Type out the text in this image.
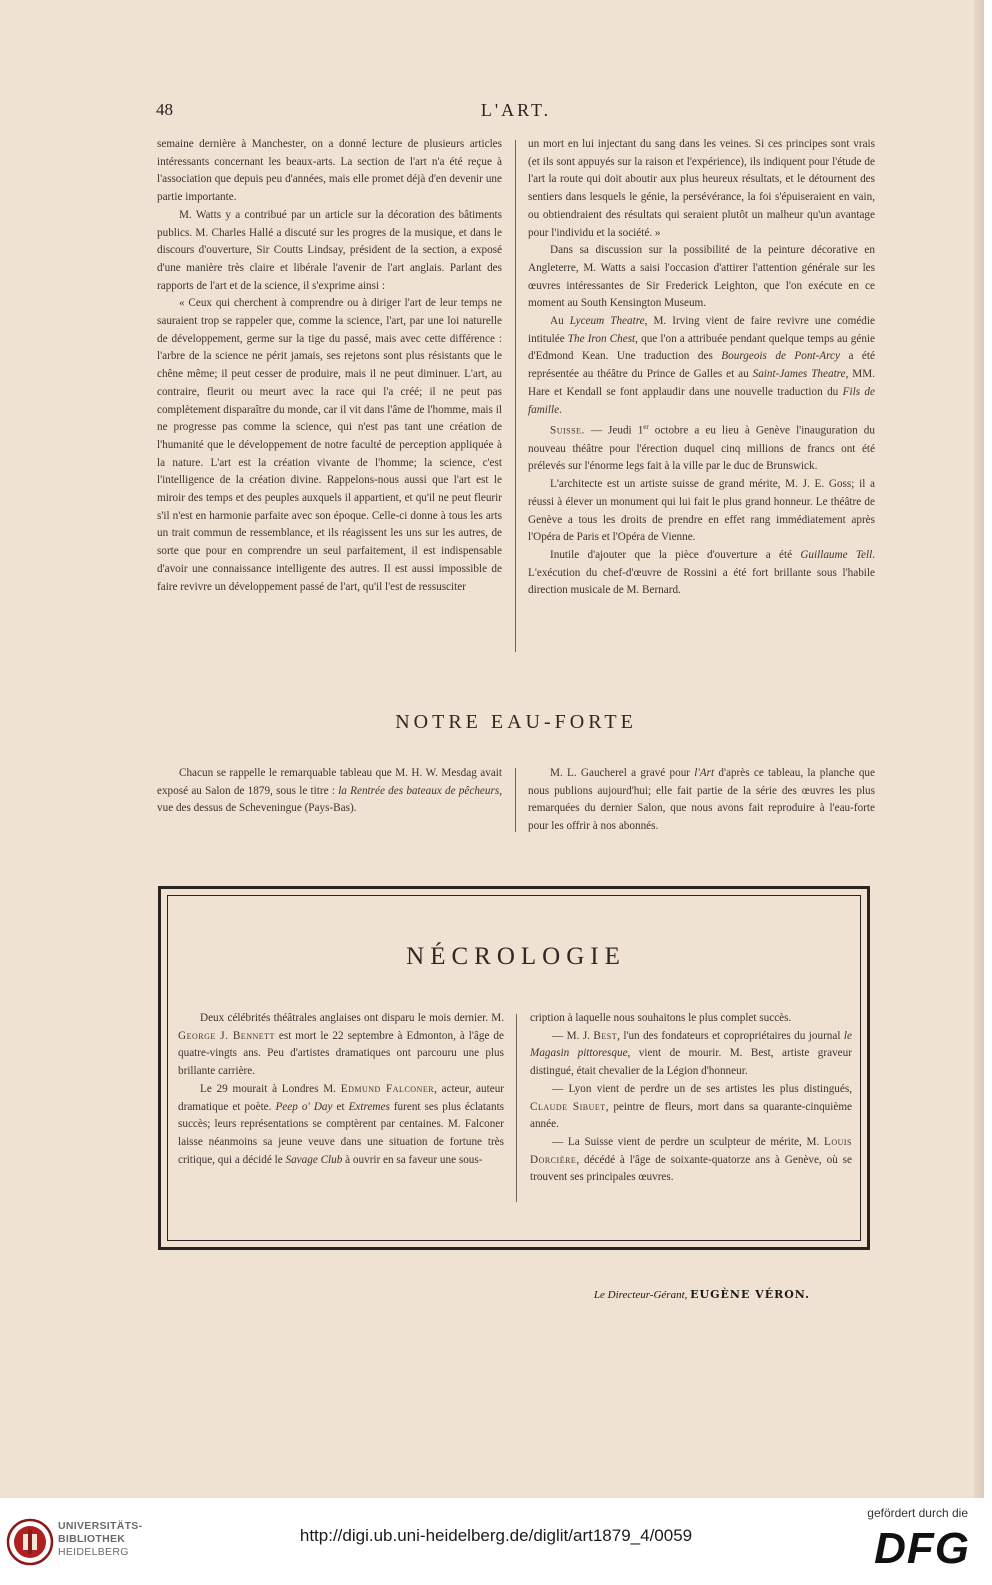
48	L'ART.

semaine dernière à Manchester, on a donné lecture de plusieurs articles intéressants concernant les beaux-arts. La section de l'art n'a été reçue à l'association que depuis peu d'années, mais elle promet déjà d'en devenir une partie importante.

M. Watts y a contribué par un article sur la décoration des bâtiments publics. M. Charles Hallé a discuté sur les progres de la musique, et dans le discours d'ouverture, Sir Coutts Lindsay, président de la section, a exposé d'une manière très claire et libérale l'avenir de l'art anglais. Parlant des rapports de l'art et de la science, il s'exprime ainsi :

« Ceux qui cherchent à comprendre ou à diriger l'art de leur temps ne sauraient trop se rappeler que, comme la science, l'art, par une loi naturelle de développement, germe sur la tige du passé, mais avec cette différence : l'arbre de la science ne périt jamais, ses rejetons sont plus résistants que le chêne même; il peut cesser de produire, mais il ne peut diminuer. L'art, au contraire, fleurit ou meurt avec la race qui l'a créé; il ne peut pas complètement disparaître du monde, car il vit dans l'âme de l'homme, mais il ne progresse pas comme la science, qui n'est pas tant une création de l'humanité que le développement de notre faculté de perception appliquée à la nature. L'art est la création vivante de l'homme; la science, c'est l'intelligence de la création divine. Rappelons-nous aussi que l'art est le miroir des temps et des peuples auxquels il appartient, et qu'il ne peut fleurir s'il n'est en harmonie parfaite avec son époque. Celle-ci donne à tous les arts un trait commun de ressemblance, et ils réagissent les uns sur les autres, de sorte que pour en comprendre un seul parfaitement, il est indispensable d'avoir une connaissance intelligente des autres. Il est aussi impossible de faire revivre un développement passé de l'art, qu'il l'est de ressusciter

un mort en lui injectant du sang dans les veines. Si ces principes sont vrais (et ils sont appuyés sur la raison et l'expérience), ils indiquent pour l'étude de l'art la route qui doit aboutir aux plus heureux résultats, et le détournent des sentiers dans lesquels le génie, la persévérance, la foi s'épuiseraient en vain, ou obtiendraient des résultats qui seraient plutôt un malheur qu'un avantage pour l'individu et la société. »

Dans sa discussion sur la possibilité de la peinture décorative en Angleterre, M. Watts a saisi l'occasion d'attirer l'attention générale sur les œuvres intéressantes de Sir Frederick Leighton, que l'on exécute en ce moment au South Kensington Museum.

Au Lyceum Theatre, M. Irving vient de faire revivre une comédie intitulée The Iron Chest, que l'on a attribuée pendant quelque temps au génie d'Edmond Kean. Une traduction des Bourgeois de Pont-Arcy a été représentée au théâtre du Prince de Galles et au Saint-James Theatre, MM. Hare et Kendall se font applaudir dans une nouvelle traduction du Fils de famille.

Suisse. — Jeudi 1er octobre a eu lieu à Genève l'inauguration du nouveau théâtre pour l'érection duquel cinq millions de francs ont été prélevés sur l'énorme legs fait à la ville par le duc de Brunswick.

L'architecte est un artiste suisse de grand mérite, M. J. E. Goss; il a réussi à élever un monument qui lui fait le plus grand honneur. Le théâtre de Genève a tous les droits de prendre en effet rang immédiatement après l'Opéra de Paris et l'Opéra de Vienne.

Inutile d'ajouter que la pièce d'ouverture a été Guillaume Tell. L'exécution du chef-d'œuvre de Rossini a été fort brillante sous l'habile direction musicale de M. Bernard.

NOTRE EAU-FORTE

Chacun se rappelle le remarquable tableau que M. H. W. Mesdag avait exposé au Salon de 1879, sous le titre : la Rentrée des bateaux de pêcheurs, vue des dessus de Scheveningue (Pays-Bas).

M. L. Gaucherel a gravé pour l'Art d'après ce tableau, la planche que nous publions aujourd'hui; elle fait partie de la série des œuvres les plus remarquées du dernier Salon, que nous avons fait reproduire à l'eau-forte pour les offrir à nos abonnés.

NÉCROLOGIE

Deux célébrités théâtrales anglaises ont disparu le mois dernier. M. George J. Bennett est mort le 22 septembre à Edmonton, à l'âge de quatre-vingts ans. Peu d'artistes dramatiques ont parcouru une plus brillante carrière.

Le 29 mourait à Londres M. Edmund Falconer, acteur, auteur dramatique et poète. Peep o' Day et Extremes furent ses plus éclatants succès; leurs représentations se comptèrent par centaines. M. Falconer laisse néanmoins sa jeune veuve dans une situation de fortune très critique, qui a décidé le Savage Club à ouvrir en sa faveur une sous-

cription à laquelle nous souhaitons le plus complet succès.

— M. J. Best, l'un des fondateurs et copropriétaires du journal le Magasin pittoresque, vient de mourir. M. Best, artiste graveur distingué, était chevalier de la Légion d'honneur.

— Lyon vient de perdre un de ses artistes les plus distingués, Claude Sibuet, peintre de fleurs, mort dans sa quarante-cinquième année.

— La Suisse vient de perdre un sculpteur de mérite, M. Louis Dorcière, décédé à l'âge de soixante-quatorze ans à Genève, où se trouvent ses principales œuvres.

Le Directeur-Gérant, EUGÈNE VÉRON.
UNIVERSITÄTS-
BIBLIOTHEK
HEIDELBERG
http://digi.ub.uni-heidelberg.de/diglit/art1879_4/0059
gefördert durch die
DFG
